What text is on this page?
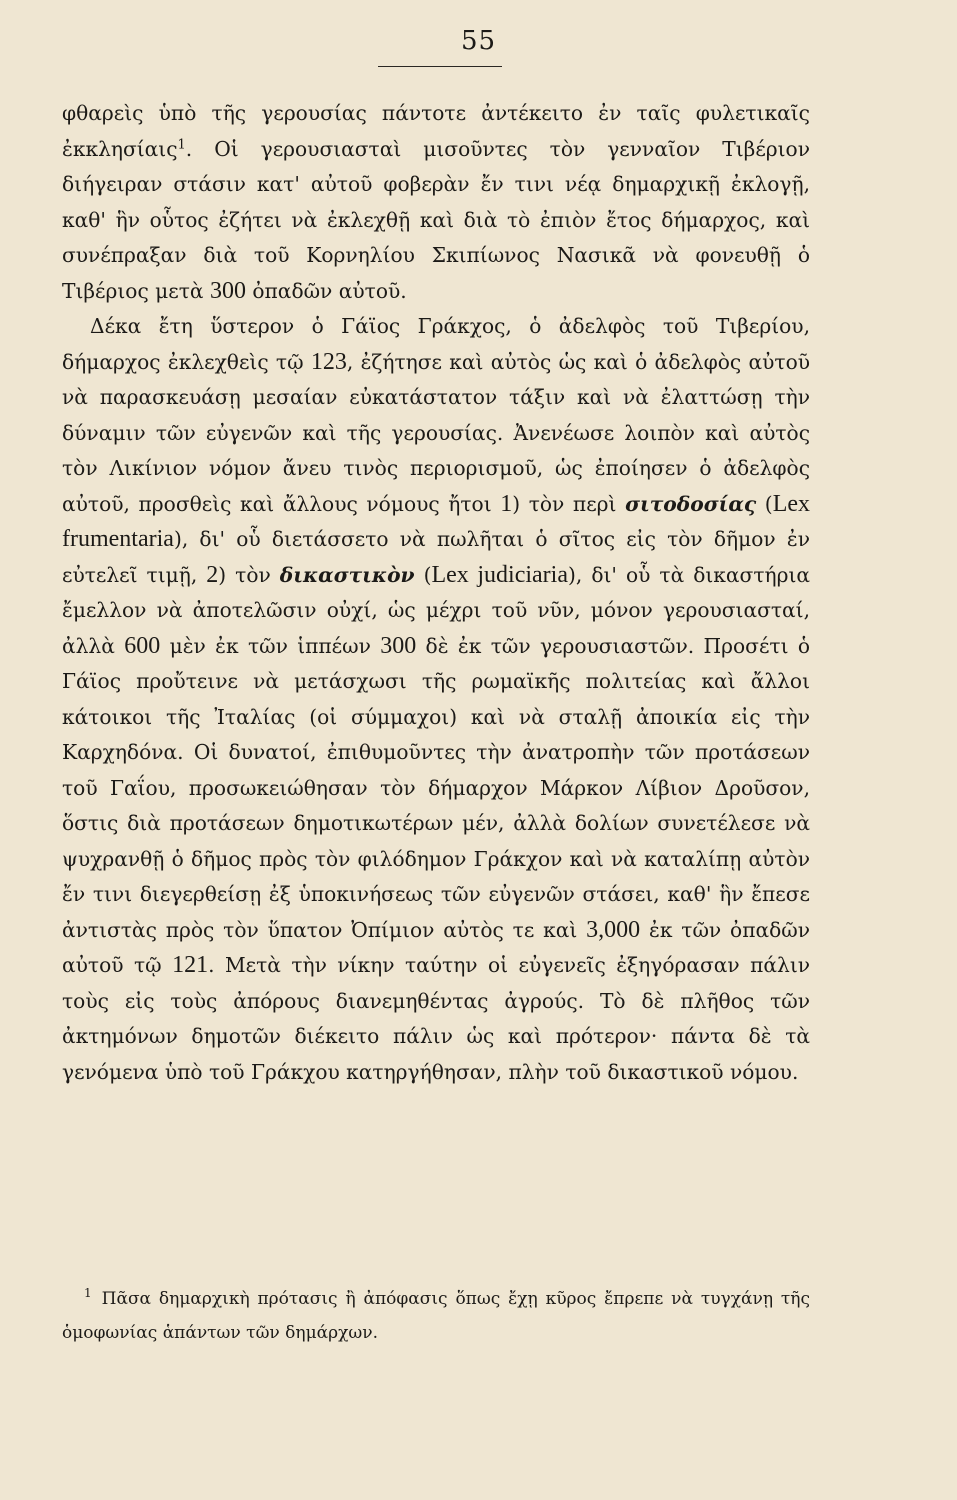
55

φθαρεὶς ὑπὸ τῆς γερουσίας πάντοτε ἀντέκειτο ἐν ταῖς φυλετικαῖς ἐκκλησίαις$^1$. Οἱ γερουσιασταὶ μισοῦντες τὸν γενναῖον Τιβέριον διήγειραν στάσιν κατ' αὐτοῦ φοβερὰν ἔν τινι νέᾳ δημαρχικῇ ἐκλογῇ, καθ' ἣν οὗτος ἐζήτει νὰ ἐκλεχθῇ καὶ διὰ τὸ ἐπιὸν ἔτος δήμαρχος, καὶ συνέπραξαν διὰ τοῦ Κορνηλίου Σκιπίωνος Νασικᾶ νὰ φονευθῇ ὁ Τιβέριος μετὰ 300 ὀπαδῶν αὐτοῦ.

Δέκα ἔτη ὕστερον ὁ Γάϊος Γράκχος, ὁ ἀδελφὸς τοῦ Τιβερίου, δήμαρχος ἐκλεχθεὶς τῷ 123, ἐζήτησε καὶ αὐτὸς ὡς καὶ ὁ ἀδελφὸς αὐτοῦ νὰ παρασκευάσῃ μεσαίαν εὐκατάστατον τάξιν καὶ νὰ ἐλαττώσῃ τὴν δύναμιν τῶν εὐγενῶν καὶ τῆς γερουσίας. Ἀνενέωσε λοιπὸν καὶ αὐτὸς τὸν Λικίνιον νόμον ἄνευ τινὸς περιορισμοῦ, ὡς ἐποίησεν ὁ ἀδελφὸς αὐτοῦ, προσθεὶς καὶ ἄλλους νόμους ἤτοι 1) τὸν περὶ σιτοδοσίας (Lex frumentaria), δι' οὗ διετάσσετο νὰ πωλῆται ὁ σῖτος εἰς τὸν δῆμον ἐν εὐτελεῖ τιμῇ, 2) τὸν δικαστικὸν (Lex judiciaria), δι' οὗ τὰ δικαστήρια ἔμελλον νὰ ἀποτελῶσιν οὐχί, ὡς μέχρι τοῦ νῦν, μόνον γερουσιασταί, ἀλλὰ 600 μὲν ἐκ τῶν ἱππέων 300 δὲ ἐκ τῶν γερουσιαστῶν. Προσέτι ὁ Γάϊος προὔτεινε νὰ μετάσχωσι τῆς ρωμαϊκῆς πολιτείας καὶ ἄλλοι κάτοικοι τῆς Ἰταλίας (οἱ σύμμαχοι) καὶ νὰ σταλῇ ἀποικία εἰς τὴν Καρχηδόνα. Οἱ δυνατοί, ἐπιθυμοῦντες τὴν ἀνατροπὴν τῶν προτάσεων τοῦ Γαΐου, προσωκειώθησαν τὸν δήμαρχον Μάρκον Λίβιον Δροῦσον, ὅστις διὰ προτάσεων δημοτικωτέρων μέν, ἀλλὰ δολίων συνετέλεσε νὰ ψυχρανθῇ ὁ δῆμος πρὸς τὸν φιλόδημον Γράκχον καὶ νὰ καταλίπῃ αὐτὸν ἔν τινι διεγερθείσῃ ἐξ ὑποκινήσεως τῶν εὐγενῶν στάσει, καθ' ἣν ἔπεσε ἀντιστὰς πρὸς τὸν ὕπατον Ὀπίμιον αὐτὸς τε καὶ 3,000 ἐκ τῶν ὀπαδῶν αὐτοῦ τῷ 121. Μετὰ τὴν νίκην ταύτην οἱ εὐγενεῖς ἐξηγόρασαν πάλιν τοὺς εἰς τοὺς ἀπόρους διανεμηθέντας ἀγρούς. Τὸ δὲ πλῆθος τῶν ἀκτημόνων δημοτῶν διέκειτο πάλιν ὡς καὶ πρότερον· πάντα δὲ τὰ γενόμενα ὑπὸ τοῦ Γράκχου κατηργήθησαν, πλὴν τοῦ δικαστικοῦ νόμου.

$^1$ Πᾶσα δημαρχικὴ πρότασις ἢ ἀπόφασις ὅπως ἔχῃ κῦρος ἔπρεπε νὰ τυγχάνῃ τῆς ὁμοφωνίας ἁπάντων τῶν δημάρχων.
